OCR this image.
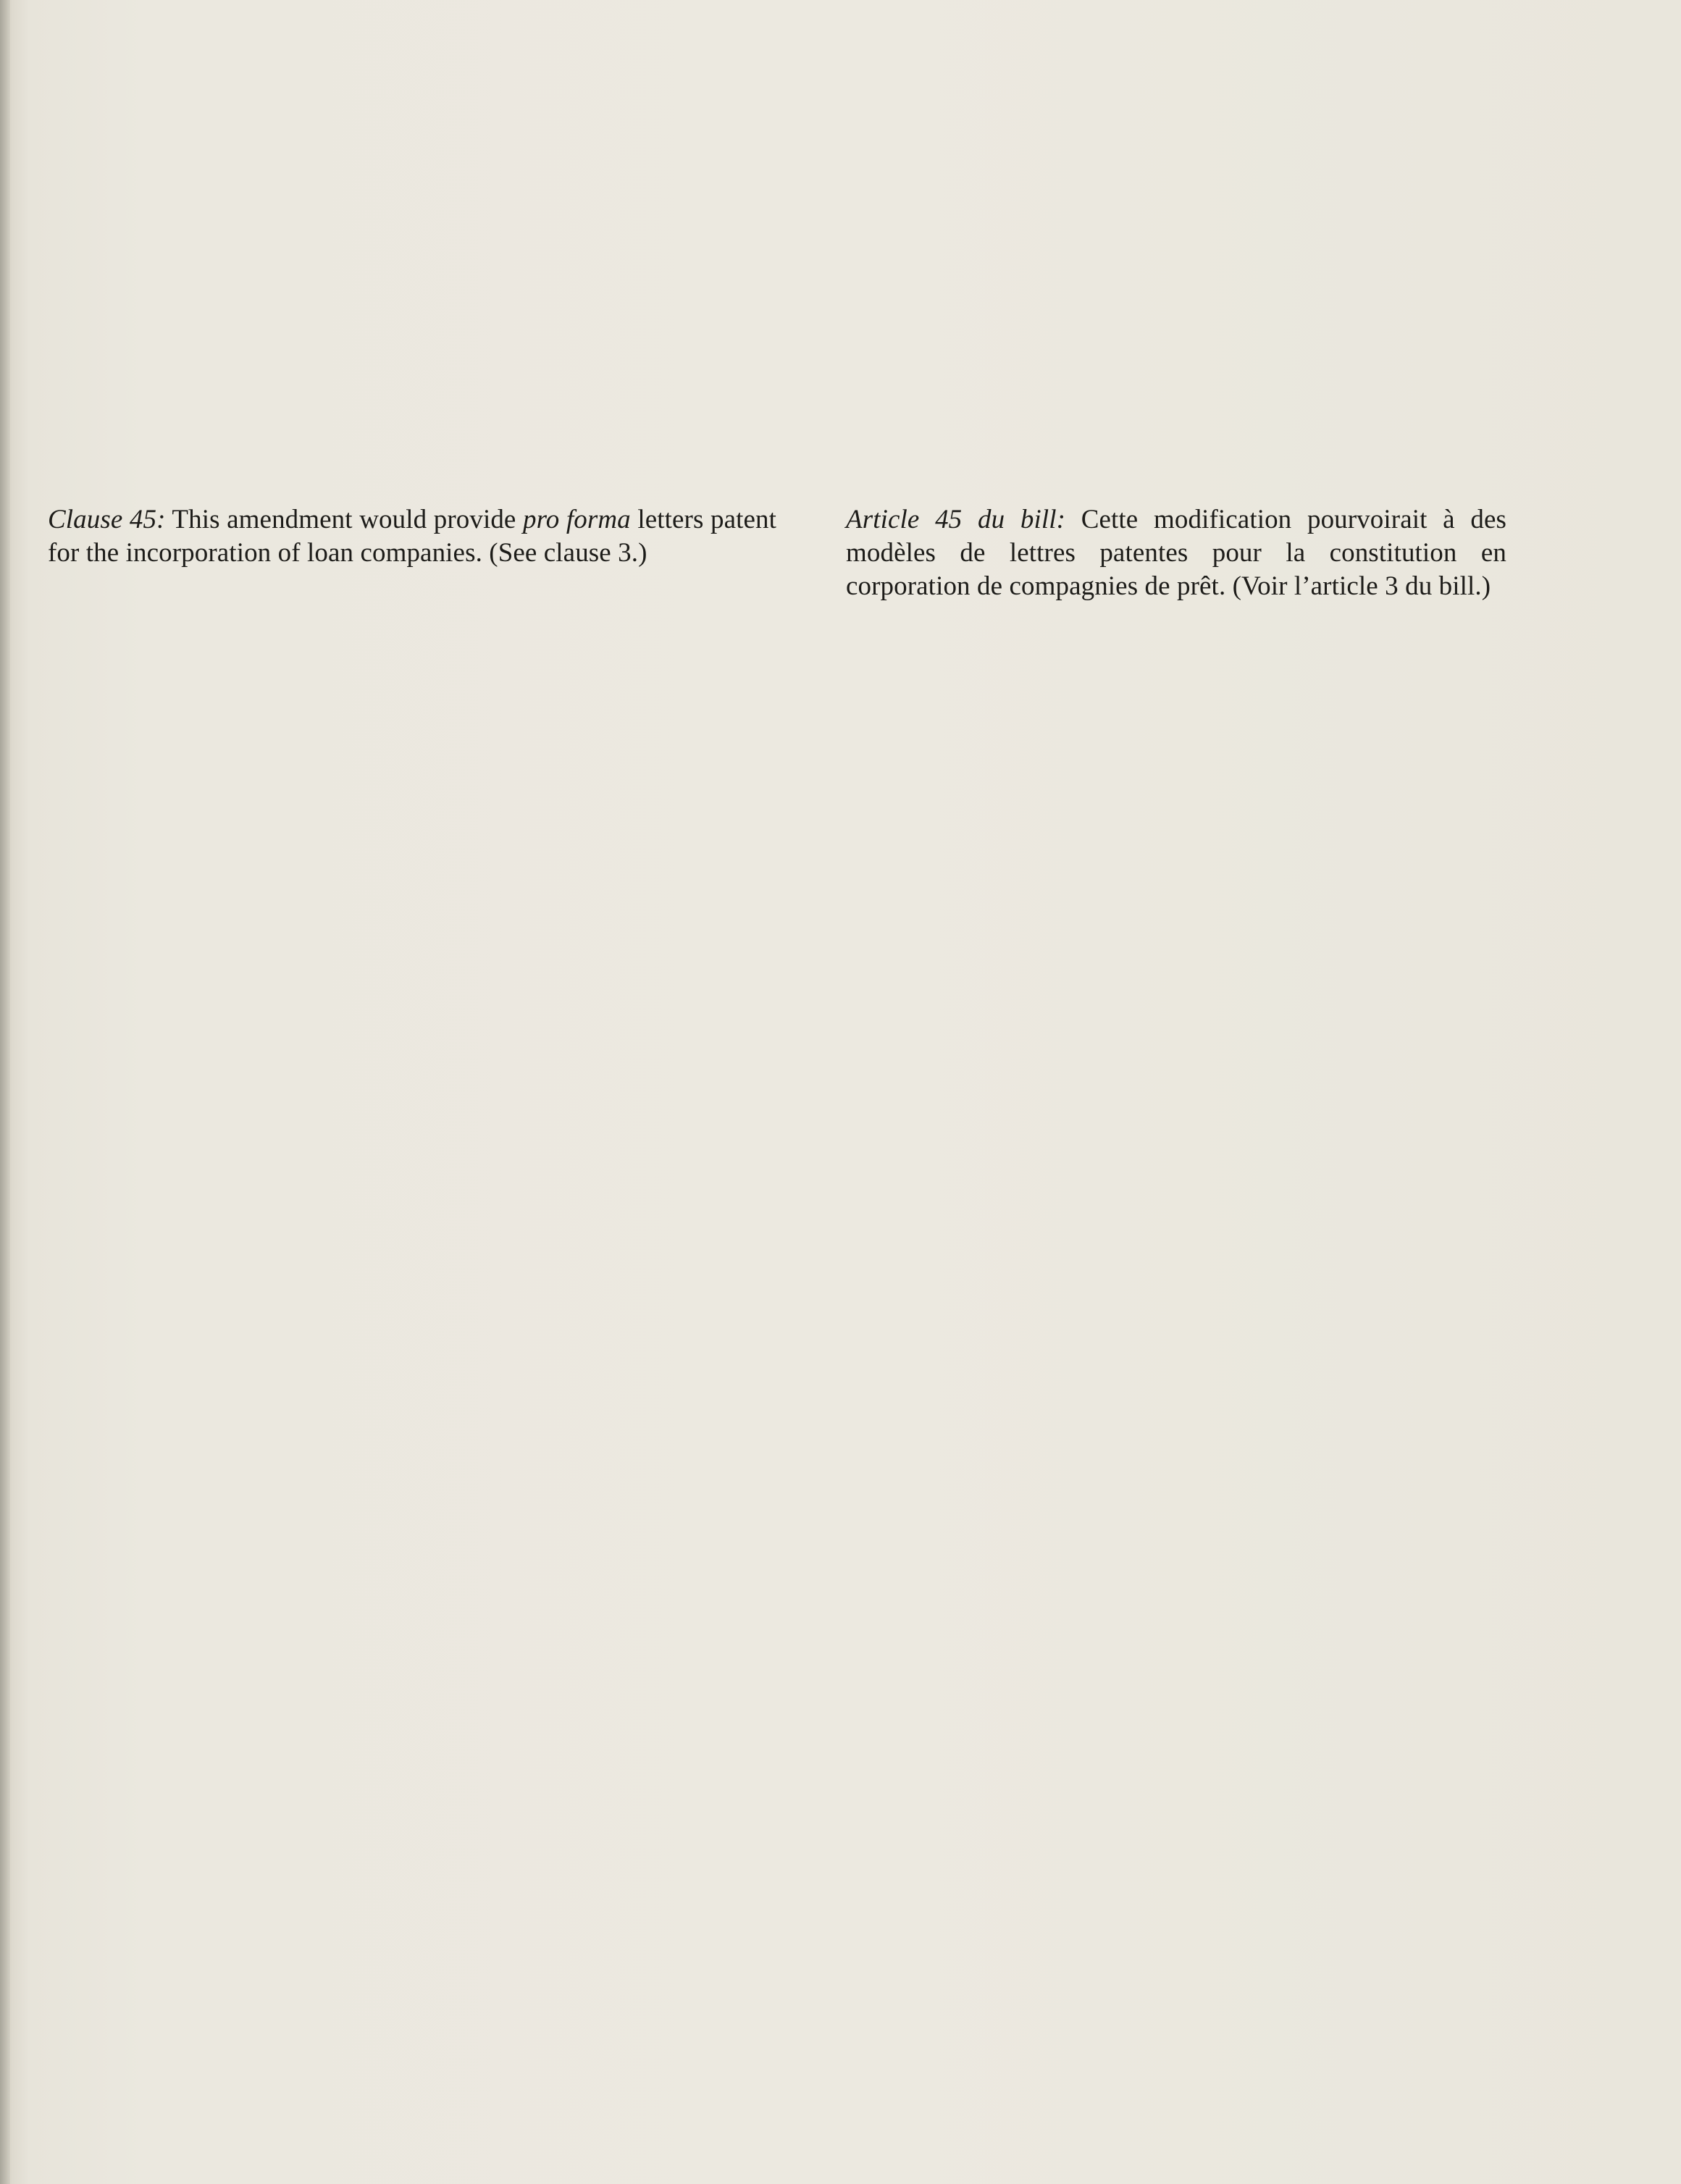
Clause 45: This amendment would provide pro forma letters patent for the incorporation of loan companies. (See clause 3.)

Article 45 du bill: Cette modification pourvoirait à des modèles de lettres patentes pour la constitution en corporation de compagnies de prêt. (Voir l’article 3 du bill.)
